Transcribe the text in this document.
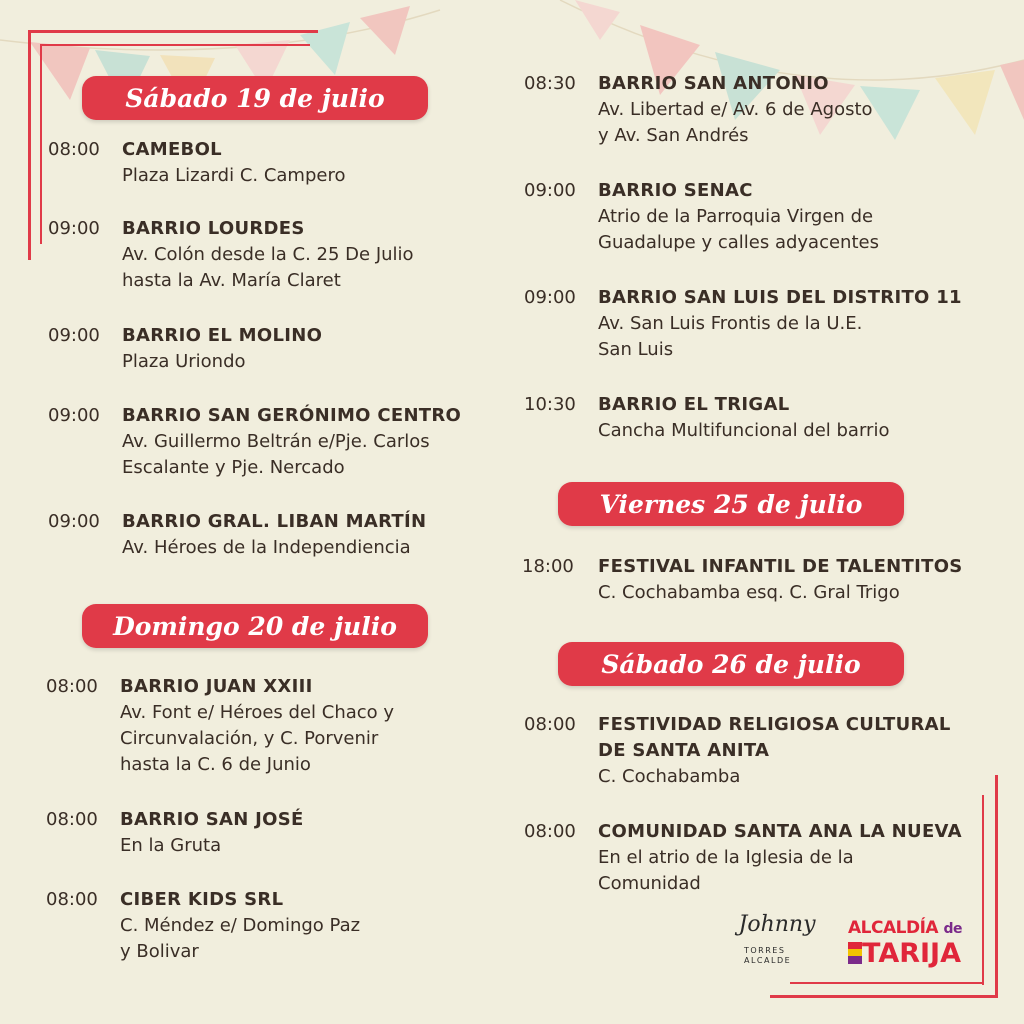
Sábado 19 de julio
Domingo 20 de julio
Viernes 25 de julio
Sábado 26 de julio
08:00	CAMEBOL
Plaza Lizardi C. Campero
09:00	BARRIO LOURDES
Av. Colón desde la C. 25 De Julio
hasta la Av. María Claret
09:00	BARRIO EL MOLINO
Plaza Uriondo
09:00	BARRIO SAN GERÓNIMO CENTRO
Av. Guillermo Beltrán e/Pje. Carlos
Escalante y Pje. Nercado
09:00	BARRIO GRAL. LIBAN MARTÍN
Av. Héroes de la Independiencia
08:30	BARRIO SAN ANTONIO
Av. Libertad e/ Av. 6 de Agosto
y Av. San Andrés
09:00	BARRIO SENAC
Atrio de la Parroquia Virgen de
Guadalupe y calles adyacentes
09:00	BARRIO SAN LUIS DEL DISTRITO 11
Av. San Luis Frontis de la U.E.
San Luis
10:30	BARRIO EL TRIGAL
Cancha Multifuncional del barrio
08:00	BARRIO JUAN XXIII
Av. Font e/ Héroes del Chaco y
Circunvalación, y C. Porvenir
hasta la C. 6 de Junio
08:00	BARRIO SAN JOSÉ
En la Gruta
08:00	CIBER KIDS SRL
C. Méndez e/ Domingo Paz
y Bolivar
18:00	FESTIVAL INFANTIL DE TALENTITOS
C. Cochabamba esq. C. Gral Trigo
08:00	FESTIVIDAD RELIGIOSA CULTURAL
DE SANTA ANITA
C. Cochabamba
08:00	COMUNIDAD SANTA ANA LA NUEVA
En el atrio de la Iglesia de la
Comunidad
Johnny
TORRES
ALCALDE
ALCALDÍA de
TARIJA
